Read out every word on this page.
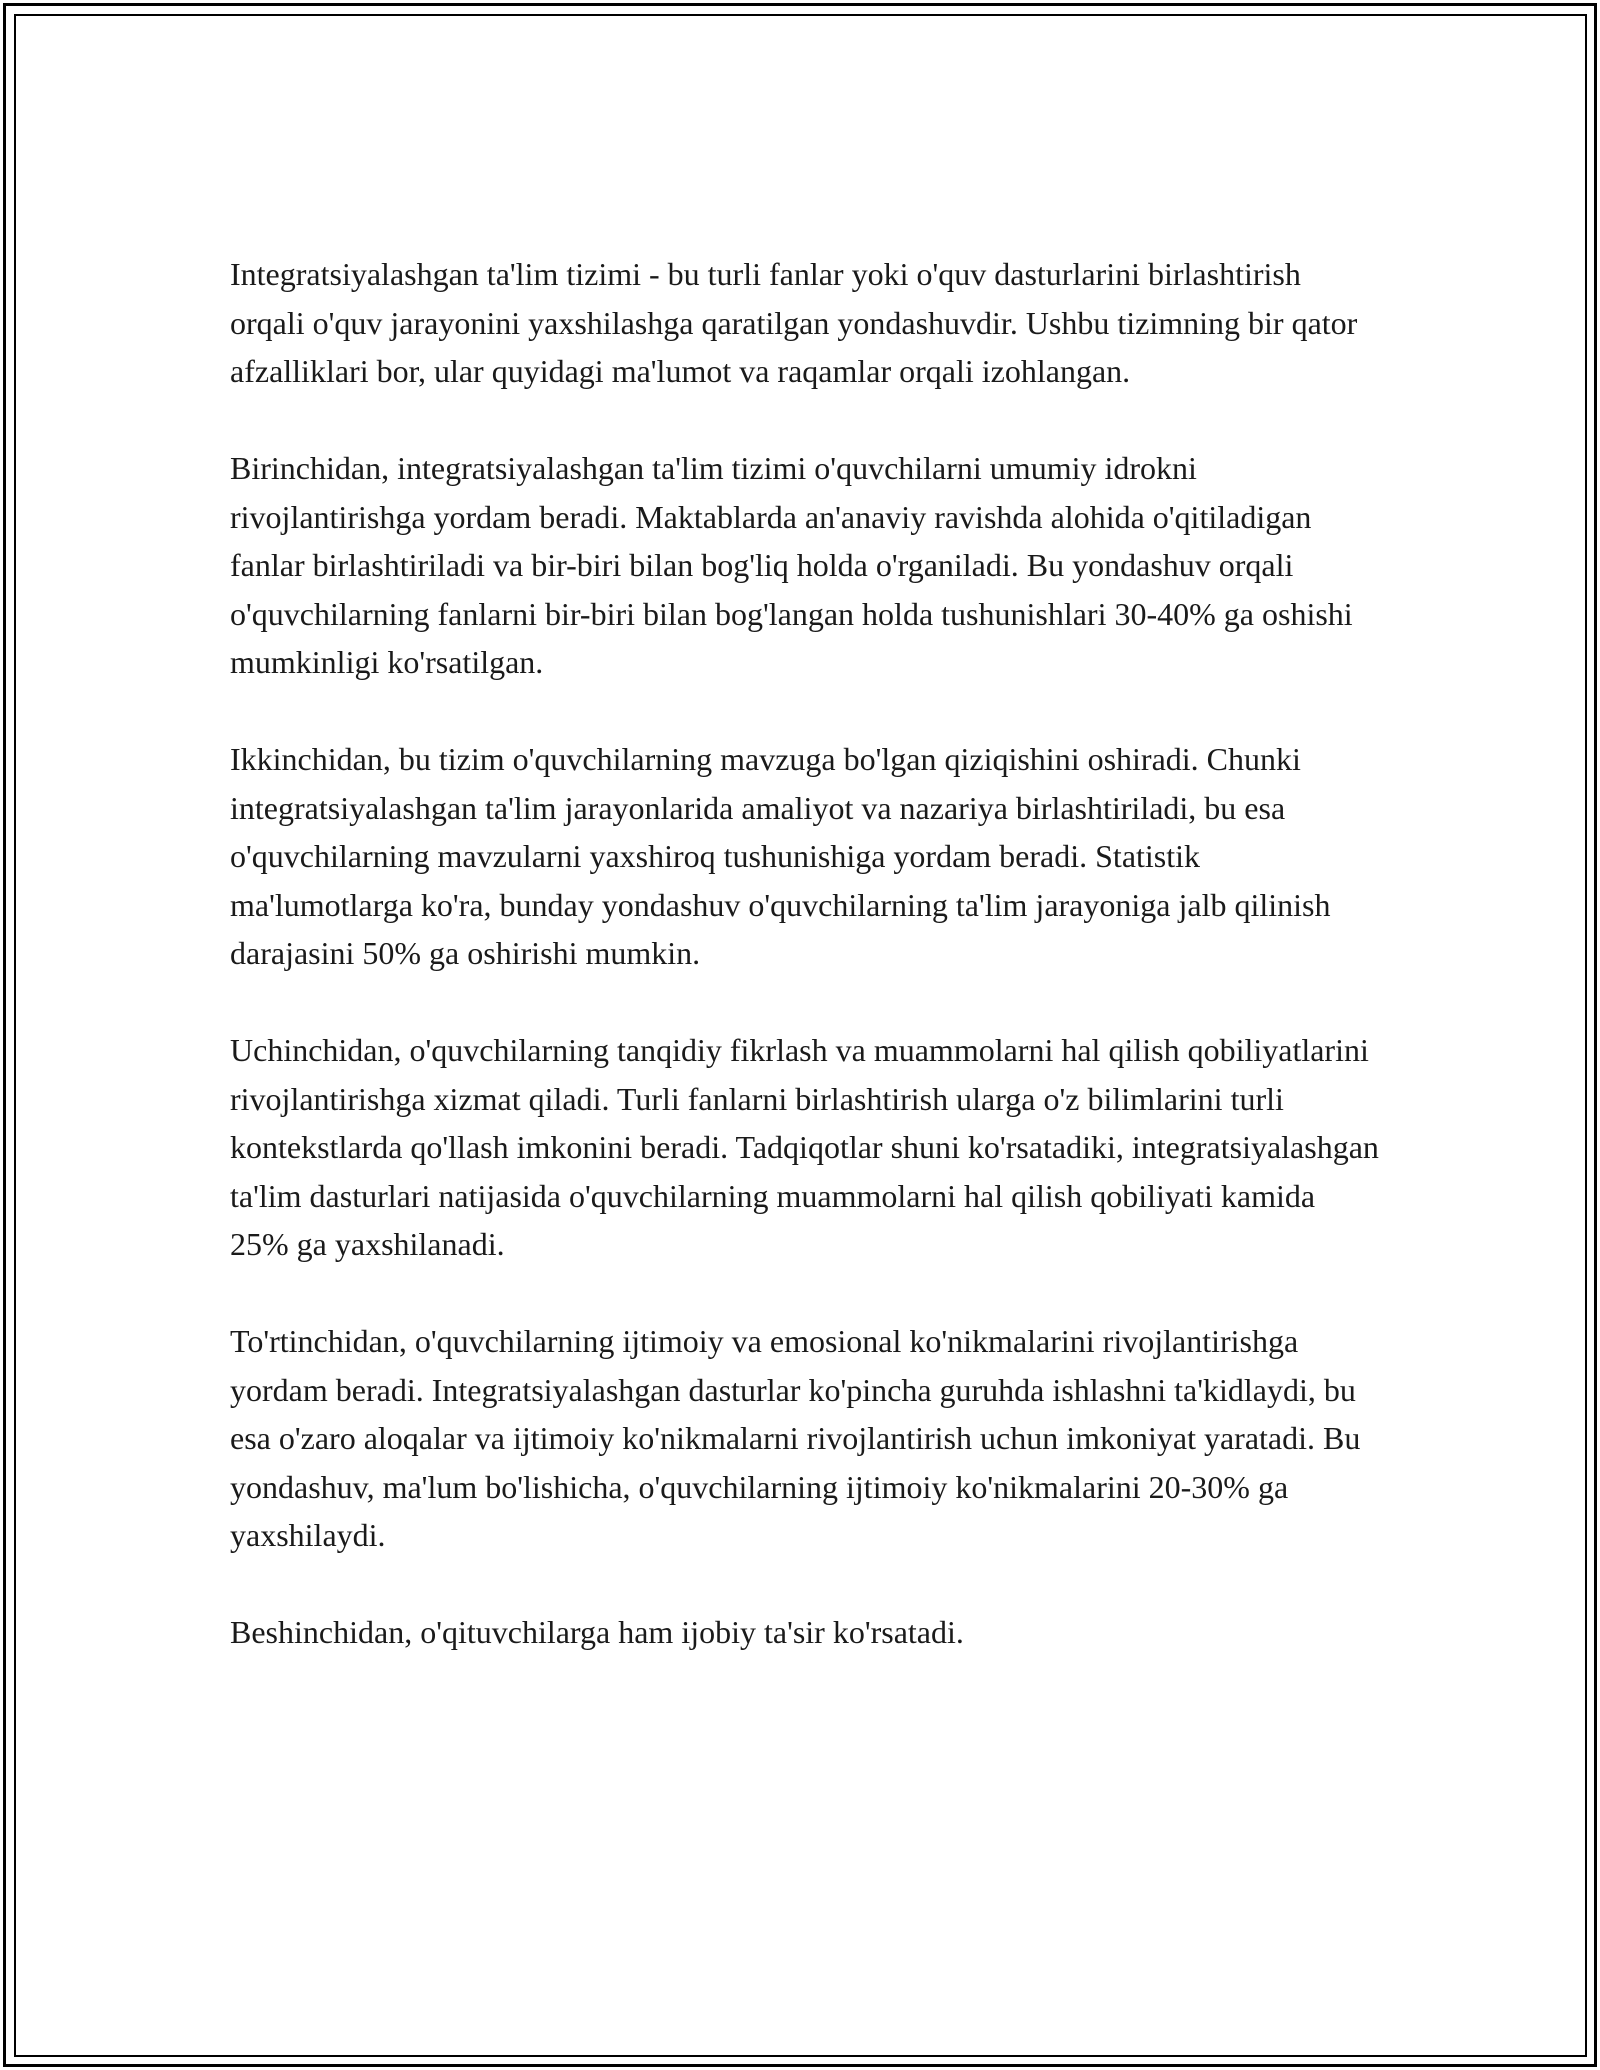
Integratsiyalashgan ta'lim tizimi - bu turli fanlar yoki o'quv dasturlarini birlashtirish orqali o'quv jarayonini yaxshilashga qaratilgan yondashuvdir. Ushbu tizimning bir qator afzalliklari bor, ular quyidagi ma'lumot va raqamlar orqali izohlangan.

Birinchidan, integratsiyalashgan ta'lim tizimi o'quvchilarni umumiy idrokni rivojlantirishga yordam beradi. Maktablarda an'anaviy ravishda alohida o'qitiladigan fanlar birlashtiriladi va bir-biri bilan bog'liq holda o'rganiladi. Bu yondashuv orqali o'quvchilarning fanlarni bir-biri bilan bog'langan holda tushunishlari 30-40% ga oshishi mumkinligi ko'rsatilgan.

Ikkinchidan, bu tizim o'quvchilarning mavzuga bo'lgan qiziqishini oshiradi. Chunki integratsiyalashgan ta'lim jarayonlarida amaliyot va nazariya birlashtiriladi, bu esa o'quvchilarning mavzularni yaxshiroq tushunishiga yordam beradi. Statistik ma'lumotlarga ko'ra, bunday yondashuv o'quvchilarning ta'lim jarayoniga jalb qilinish darajasini 50% ga oshirishi mumkin.

Uchinchidan, o'quvchilarning tanqidiy fikrlash va muammolarni hal qilish qobiliyatlarini rivojlantirishga xizmat qiladi. Turli fanlarni birlashtirish ularga o'z bilimlarini turli kontekstlarda qo'llash imkonini beradi. Tadqiqotlar shuni ko'rsatadiki, integratsiyalashgan ta'lim dasturlari natijasida o'quvchilarning muammolarni hal qilish qobiliyati kamida 25% ga yaxshilanadi.

To'rtinchidan, o'quvchilarning ijtimoiy va emosional ko'nikmalarini rivojlantirishga yordam beradi. Integratsiyalashgan dasturlar ko'pincha guruhda ishlashni ta'kidlaydi, bu esa o'zaro aloqalar va ijtimoiy ko'nikmalarni rivojlantirish uchun imkoniyat yaratadi. Bu yondashuv, ma'lum bo'lishicha, o'quvchilarning ijtimoiy ko'nikmalarini 20-30% ga yaxshilaydi.

Beshinchidan, o'qituvchilarga ham ijobiy ta'sir ko'rsatadi.
